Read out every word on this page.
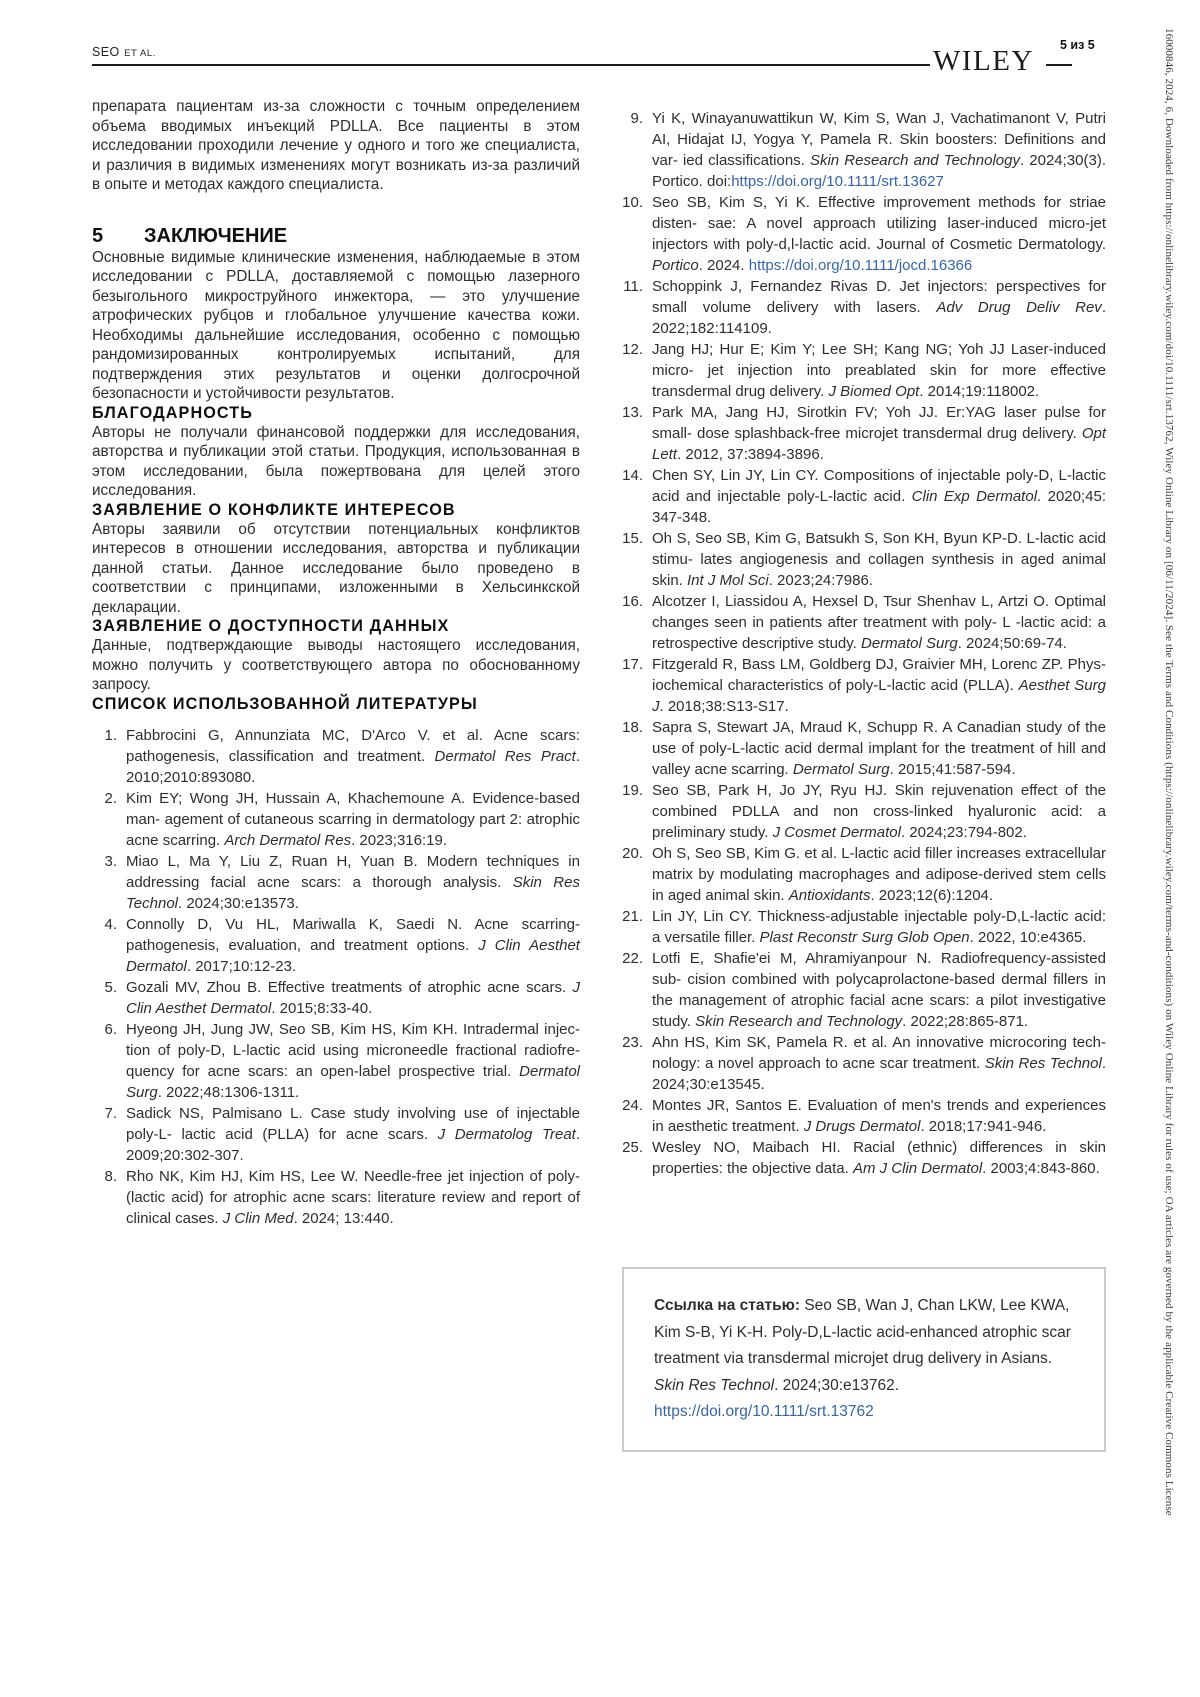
16000846, 2024, 6, Downloaded from https://onlinelibrary.wiley.com/doi/10.1111/srt.13762, Wiley Online Library on [06/11/2024]. See the Terms and Conditions (https://onlinelibrary.wiley.com/terms-and-conditions) on Wiley Online Library for rules of use; OA articles are governed by the applicable Creative Commons License
SEO ET AL.
5 из 5
WILEY

препарата пациентам из-за сложности с точным определением объема вводимых инъекций PDLLA. Все пациенты в этом исследовании проходили лечение у одного и того же специалиста, и различия в видимых изменениях могут возникать из-за различий в опыте и методах каждого специалиста.

5	ЗАКЛЮЧЕНИЕ

Основные видимые клинические изменения, наблюдаемые в этом исследовании с PDLLA, доставляемой с помощью лазерного безыгольного микроструйного инжектора, — это улучшение атрофических рубцов и глобальное улучшение качества кожи. Необходимы дальнейшие исследования, особенно с помощью рандомизированных контролируемых испытаний, для подтверждения этих результатов и оценки долгосрочной безопасности и устойчивости результатов.

БЛАГОДАРНОСТЬ

Авторы не получали финансовой поддержки для исследования, авторства и публикации этой статьи. Продукция, использованная в этом исследовании, была пожертвована для целей этого исследования.

ЗАЯВЛЕНИЕ О КОНФЛИКТЕ ИНТЕРЕСОВ

Авторы заявили об отсутствии потенциальных конфликтов интересов в отношении исследования, авторства и публикации данной статьи. Данное исследование было проведено в соответствии с принципами, изложенными в Хельсинкской декларации.

ЗАЯВЛЕНИЕ О ДОСТУПНОСТИ ДАННЫХ

Данные, подтверждающие выводы настоящего исследования, можно получить у соответствующего автора по обоснованному запросу.

СПИСОК ИСПОЛЬЗОВАННОЙ ЛИТЕРАТУРЫ
1. Fabbrocini G, Annunziata MC, D'Arco V. et al. Acne scars: pathogenesis, classification and treatment. Dermatol Res Pract. 2010;2010:893080.
2. Kim EY; Wong JH, Hussain A, Khachemoune A. Evidence-based man- agement of cutaneous scarring in dermatology part 2: atrophic acne scarring. Arch Dermatol Res. 2023;316:19.
3. Miao L, Ma Y, Liu Z, Ruan H, Yuan B. Modern techniques in addressing facial acne scars: a thorough analysis. Skin Res Technol. 2024;30:e13573.
4. Connolly D, Vu HL, Mariwalla K, Saedi N. Acne scarring-pathogenesis, evaluation, and treatment options. J Clin Aesthet Dermatol. 2017;10:12-23.
5. Gozali MV, Zhou B. Effective treatments of atrophic acne scars. J Clin Aesthet Dermatol. 2015;8:33-40.
6. Hyeong JH, Jung JW, Seo SB, Kim HS, Kim KH. Intradermal injec- tion of poly-D, L-lactic acid using microneedle fractional radiofre- quency for acne scars: an open-label prospective trial. Dermatol Surg. 2022;48:1306-1311.
7. Sadick NS, Palmisano L. Case study involving use of injectable poly-L- lactic acid (PLLA) for acne scars. J Dermatolog Treat. 2009;20:302-307.
8. Rho NK, Kim HJ, Kim HS, Lee W. Needle-free jet injection of poly- (lactic acid) for atrophic acne scars: literature review and report of clinical cases. J Clin Med. 2024; 13:440.
9. Yi K, Winayanuwattikun W, Kim S, Wan J, Vachatimanont V, Putri AI, Hidajat IJ, Yogya Y, Pamela R. Skin boosters: Definitions and var- ied classifications. Skin Research and Technology. 2024;30(3). Portico. doi:https://doi.org/10.1111/srt.13627
10. Seo SB, Kim S, Yi K. Effective improvement methods for striae disten- sae: A novel approach utilizing laser-induced micro-jet injectors with poly-d,l-lactic acid. Journal of Cosmetic Dermatology. Portico. 2024. https://doi.org/10.1111/jocd.16366
11. Schoppink J, Fernandez Rivas D. Jet injectors: perspectives for small volume delivery with lasers. Adv Drug Deliv Rev. 2022;182:114109.
12. Jang HJ; Hur E; Kim Y; Lee SH; Kang NG; Yoh JJ Laser-induced micro- jet injection into preablated skin for more effective transdermal drug delivery. J Biomed Opt. 2014;19:118002.
13. Park MA, Jang HJ, Sirotkin FV; Yoh JJ. Er:YAG laser pulse for small- dose splashback-free microjet transdermal drug delivery. Opt Lett. 2012, 37:3894-3896.
14. Chen SY, Lin JY, Lin CY. Compositions of injectable poly-D, L-lactic acid and injectable poly-L-lactic acid. Clin Exp Dermatol. 2020;45: 347-348.
15. Oh S, Seo SB, Kim G, Batsukh S, Son KH, Byun KP-D. L-lactic acid stimu- lates angiogenesis and collagen synthesis in aged animal skin. Int J Mol Sci. 2023;24:7986.
16. Alcotzer I, Liassidou A, Hexsel D, Tsur Shenhav L, Artzi O. Optimal changes seen in patients after treatment with poly- L -lactic acid: a retrospective descriptive study. Dermatol Surg. 2024;50:69-74.
17. Fitzgerald R, Bass LM, Goldberg DJ, Graivier MH, Lorenc ZP. Phys- iochemical characteristics of poly-L-lactic acid (PLLA). Aesthet Surg J. 2018;38:S13-S17.
18. Sapra S, Stewart JA, Mraud K, Schupp R. A Canadian study of the use of poly-L-lactic acid dermal implant for the treatment of hill and valley acne scarring. Dermatol Surg. 2015;41:587-594.
19. Seo SB, Park H, Jo JY, Ryu HJ. Skin rejuvenation effect of the combined PDLLA and non cross-linked hyaluronic acid: a preliminary study. J Cosmet Dermatol. 2024;23:794-802.
20. Oh S, Seo SB, Kim G. et al. L-lactic acid filler increases extracellular matrix by modulating macrophages and adipose-derived stem cells in aged animal skin. Antioxidants. 2023;12(6):1204.
21. Lin JY, Lin CY. Thickness-adjustable injectable poly-D,L-lactic acid: a versatile filler. Plast Reconstr Surg Glob Open. 2022, 10:e4365.
22. Lotfi E, Shafie'ei M, Ahramiyanpour N. Radiofrequency-assisted sub- cision combined with polycaprolactone-based dermal fillers in the management of atrophic facial acne scars: a pilot investigative study. Skin Research and Technology. 2022;28:865-871.
23. Ahn HS, Kim SK, Pamela R. et al. An innovative microcoring tech- nology: a novel approach to acne scar treatment. Skin Res Technol. 2024;30:e13545.
24. Montes JR, Santos E. Evaluation of men's trends and experiences in aesthetic treatment. J Drugs Dermatol. 2018;17:941-946.
25. Wesley NO, Maibach HI. Racial (ethnic) differences in skin properties: the objective data. Am J Clin Dermatol. 2003;4:843-860.

Ссылка на статью: Seo SB, Wan J, Chan LKW, Lee KWA, Kim S-B, Yi K-H. Poly-D,L-lactic acid-enhanced atrophic scar treatment via transdermal microjet drug delivery in Asians. Skin Res Technol. 2024;30:e13762.
https://doi.org/10.1111/srt.13762
